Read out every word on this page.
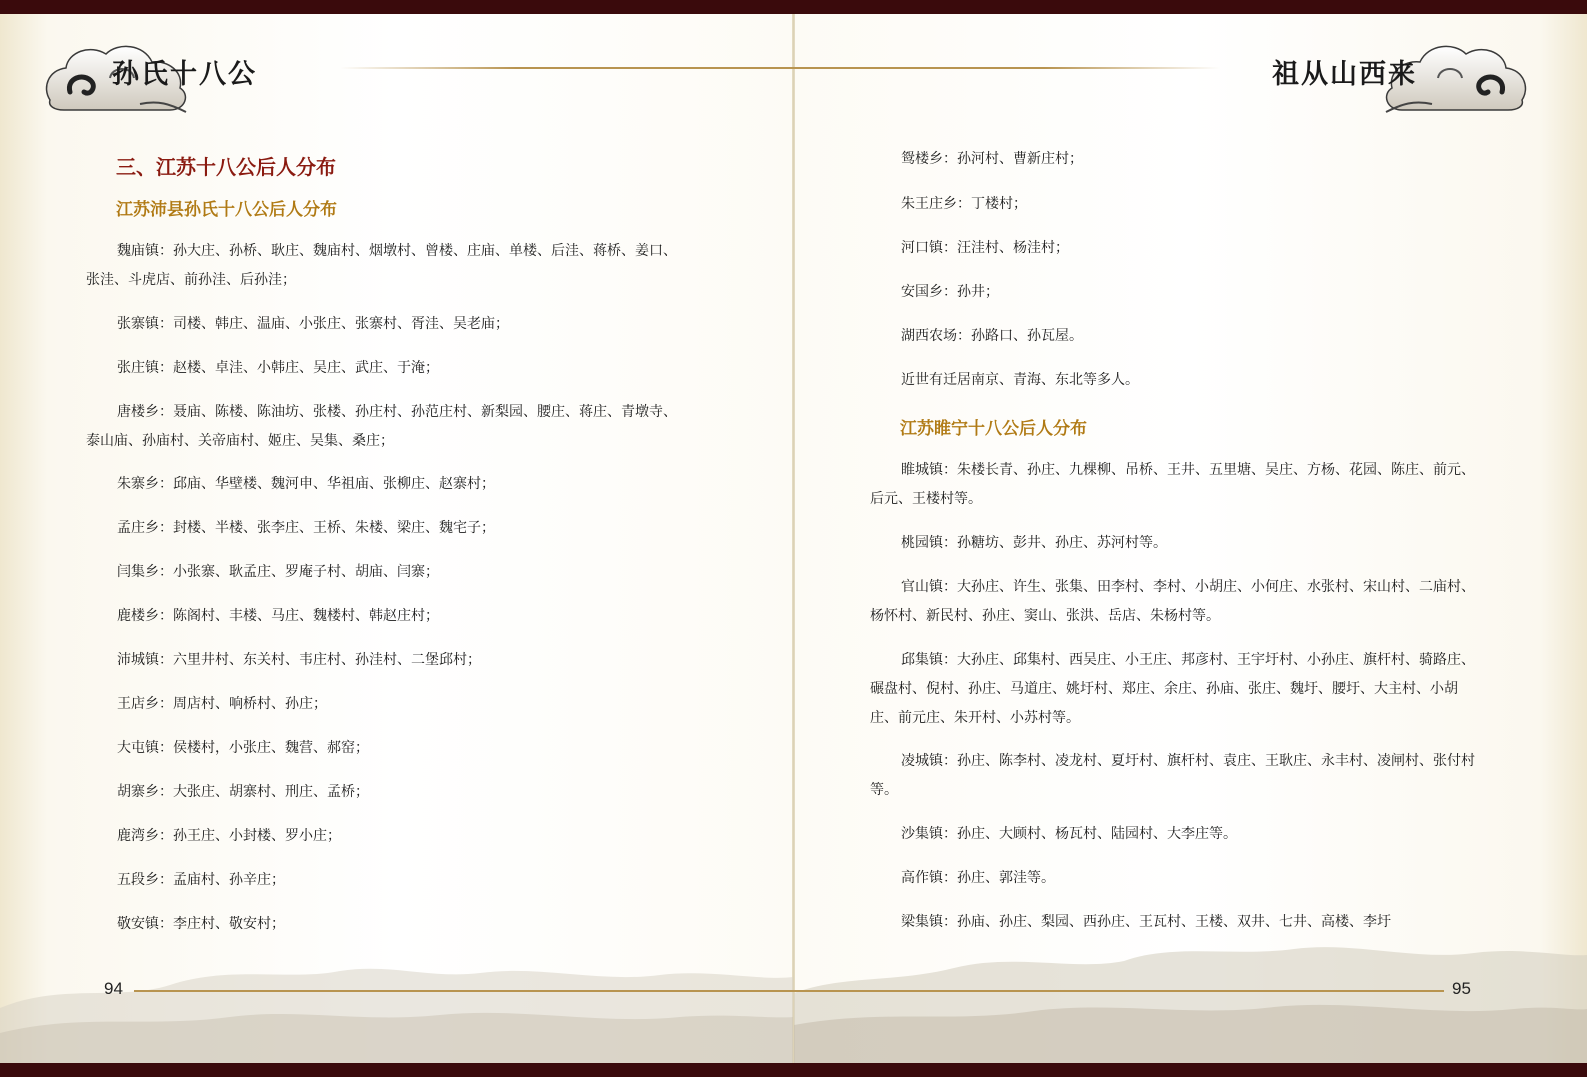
孙氏十八公	祖从山西来
三、江苏十八公后人分布
江苏沛县孙氏十八公后人分布
魏庙镇：孙大庄、孙桥、耿庄、魏庙村、烟墩村、曾楼、庄庙、单楼、后洼、蒋桥、姜口、张洼、斗虎店、前孙洼、后孙洼；
张寨镇：司楼、韩庄、温庙、小张庄、张寨村、胥洼、吴老庙；
张庄镇：赵楼、卓洼、小韩庄、吴庄、武庄、于淹；
唐楼乡：聂庙、陈楼、陈油坊、张楼、孙庄村、孙范庄村、新梨园、腰庄、蒋庄、青墩寺、泰山庙、孙庙村、关帝庙村、姬庄、吴集、桑庄；
朱寨乡：邱庙、华壁楼、魏河申、华祖庙、张柳庄、赵寨村；
孟庄乡：封楼、半楼、张李庄、王桥、朱楼、梁庄、魏宅子；
闫集乡：小张寨、耿孟庄、罗庵子村、胡庙、闫寨；
鹿楼乡：陈阁村、丰楼、马庄、魏楼村、韩赵庄村；
沛城镇：六里井村、东关村、韦庄村、孙洼村、二堡邱村；
王店乡：周店村、响桥村、孙庄；
大屯镇：侯楼村，小张庄、魏营、郝窑；
胡寨乡：大张庄、胡寨村、刑庄、孟桥；
鹿湾乡：孙王庄、小封楼、罗小庄；
五段乡：孟庙村、孙辛庄；
敬安镇：李庄村、敬安村；
鸳楼乡：孙河村、曹新庄村；
朱王庄乡：丁楼村；
河口镇：汪洼村、杨洼村；
安国乡：孙井；
湖西农场：孙路口、孙瓦屋。
近世有迁居南京、青海、东北等多人。
江苏睢宁十八公后人分布
睢城镇：朱楼长青、孙庄、九棵柳、吊桥、王井、五里塘、吴庄、方杨、花园、陈庄、前元、后元、王楼村等。
桃园镇：孙糖坊、彭井、孙庄、苏河村等。
官山镇：大孙庄、许生、张集、田李村、李村、小胡庄、小何庄、水张村、宋山村、二庙村、杨怀村、新民村、孙庄、窦山、张洪、岳店、朱杨村等。
邱集镇：大孙庄、邱集村、西吴庄、小王庄、邦彦村、王宇圩村、小孙庄、旗杆村、骑路庄、碾盘村、倪村、孙庄、马道庄、姚圩村、郑庄、余庄、孙庙、张庄、魏圩、腰圩、大主村、小胡庄、前元庄、朱开村、小苏村等。
凌城镇：孙庄、陈李村、凌龙村、夏圩村、旗杆村、袁庄、王耿庄、永丰村、凌闸村、张付村等。
沙集镇：孙庄、大顾村、杨瓦村、陆园村、大李庄等。
高作镇：孙庄、郭洼等。
梁集镇：孙庙、孙庄、梨园、西孙庄、王瓦村、王楼、双井、七井、高楼、李圩
94	95
